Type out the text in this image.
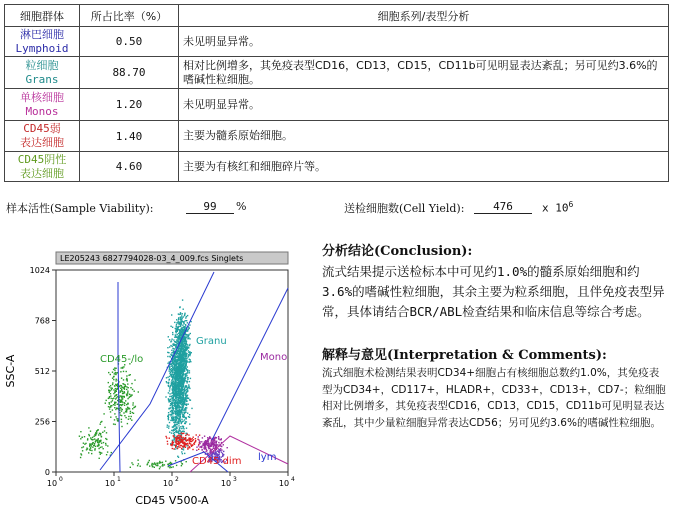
细胞群体	所占比率（%）	细胞系列/表型分析
淋巴细胞
Lymphoid	0.50	未见明显异常。
粒细胞
Grans	88.70	相对比例增多，其免疫表型CD16，CD13，CD15，CD11b可见明显表达紊乱；另可见约3.6%的嗜碱性粒细胞。
单核细胞
Monos	1.20	未见明显异常。
CD45弱
表达细胞	1.40	主要为髓系原始细胞。
CD45阴性
表达细胞	4.60	主要为有核红和细胞碎片等。
样本活性(Sample Viability):	99	%	送检细胞数(Cell Yield):	476	x $10^6$
LE205243 6827794028-03_4_009.fcs Singlets
CD45-/lo
Granu
Mono
CD45 dim lym
SSC-A
CD45 V500-A
1024
768
512
256
0
10 0	10 1	10 2	10 3	10 4
分析结论(Conclusion):

流式结果提示送检标本中可见约1.0%的髓系原始细胞和约3.6%的嗜碱性粒细胞，其余主要为粒系细胞，且伴免疫表型异常，具体请结合BCR/ABL检查结果和临床信息等综合考虑。

解释与意见(Interpretation & Comments):

流式细胞术检测结果表明CD34+细胞占有核细胞总数约1.0%，其免疫表型为CD34+，CD117+，HLADR+，CD33+，CD13+，CD7-；粒细胞相对比例增多，其免疫表型CD16，CD13，CD15，CD11b可见明显表达紊乱，其中少量粒细胞异常表达CD56；另可见约3.6%的嗜碱性粒细胞。
